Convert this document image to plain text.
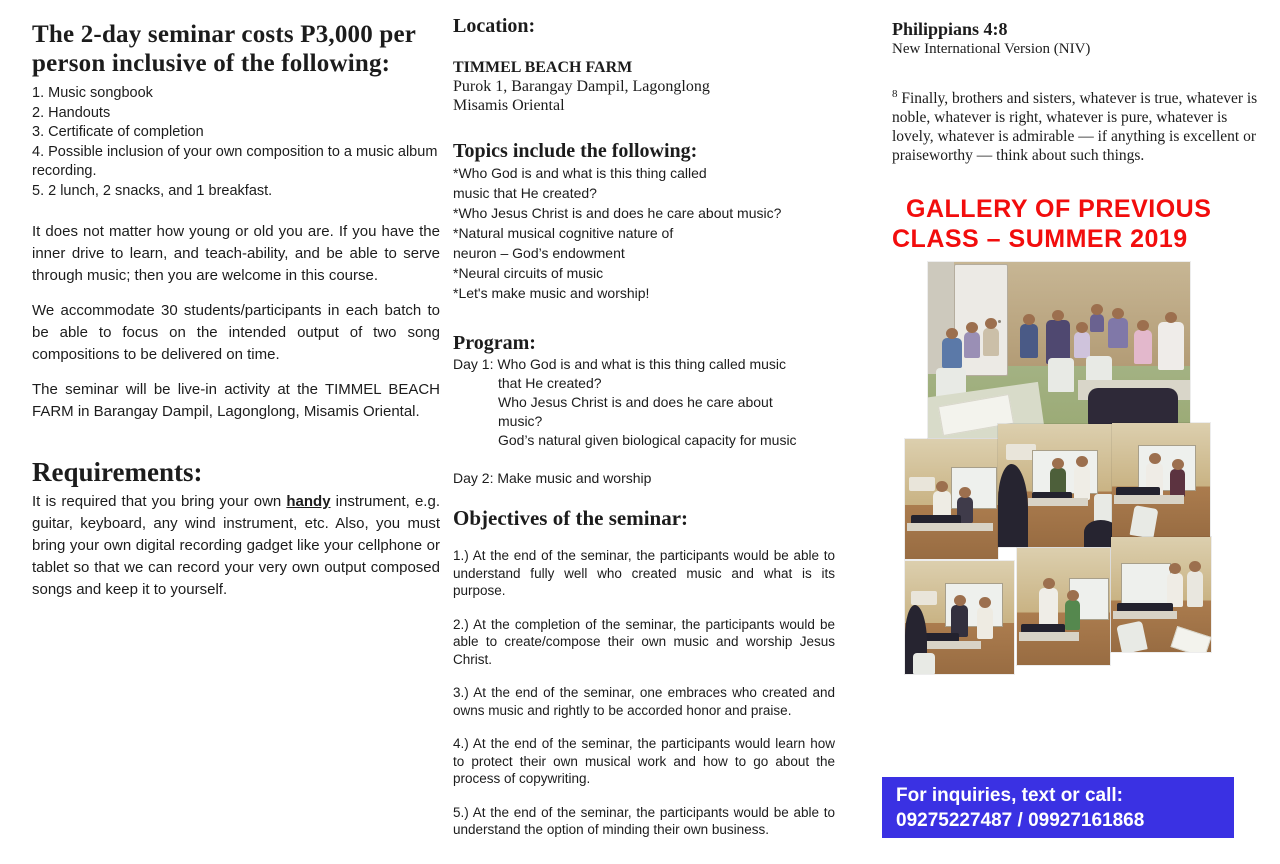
The 2-day seminar costs P3,000 per person inclusive of the following:
1. Music songbook
2. Handouts
3. Certificate of completion
4. Possible inclusion of your own composition to a music album recording.
5. 2 lunch, 2 snacks, and 1 breakfast.
It does not matter how young or old you are. If you have the inner drive to learn, and teach-ability, and be able to serve through music; then you are welcome in this course.
We accommodate 30 students/participants in each batch to be able to focus on the intended output of two song compositions to be delivered on time.
The seminar will be live-in activity at the TIMMEL BEACH FARM in Barangay Dampil, Lagonglong, Misamis Oriental.
Requirements:
It is required that you bring your own handy instrument, e.g. guitar, keyboard, any wind instrument, etc. Also, you must bring your own digital recording gadget like your cellphone or tablet so that we can record your very own output composed songs and keep it to yourself.
Location:
TIMMEL BEACH FARM
Purok 1, Barangay Dampil, Lagonglong
Misamis Oriental
Topics include the following:
*Who God is and what is this thing called
music that He created?
*Who Jesus Christ is and does he care about music?
*Natural musical cognitive nature of
neuron – God’s endowment
*Neural circuits of music
*Let's make music and worship!
Program:
Day 1: Who God is and what is this thing called music
that He created?
Who Jesus Christ is and does he care about
music?
God’s natural given biological capacity for music
Day 2: Make music and worship
Objectives of the seminar:
1.) At the end of the seminar, the participants would be able to understand fully well who created music and what is its purpose.
2.) At the completion of the seminar, the participants would be able to create/compose their own music and worship Jesus Christ.
3.) At the end of the seminar, one embraces who created and owns music and rightly to be accorded honor and praise.
4.) At the end of the seminar, the participants would learn how to protect their own musical work and how to go about the process of copywriting.
5.) At the end of the seminar, the participants would be able to understand the option of minding their own business.
Philippians 4:8
New International Version (NIV)
$^8$ Finally, brothers and sisters, whatever is true, whatever is noble, whatever is right, whatever is pure, whatever is lovely, whatever is admirable — if anything is excellent or praiseworthy — think about such things.
GALLERY OF PREVIOUS
CLASS – SUMMER 2019
For inquiries, text or call:
09275227487 / 09927161868
